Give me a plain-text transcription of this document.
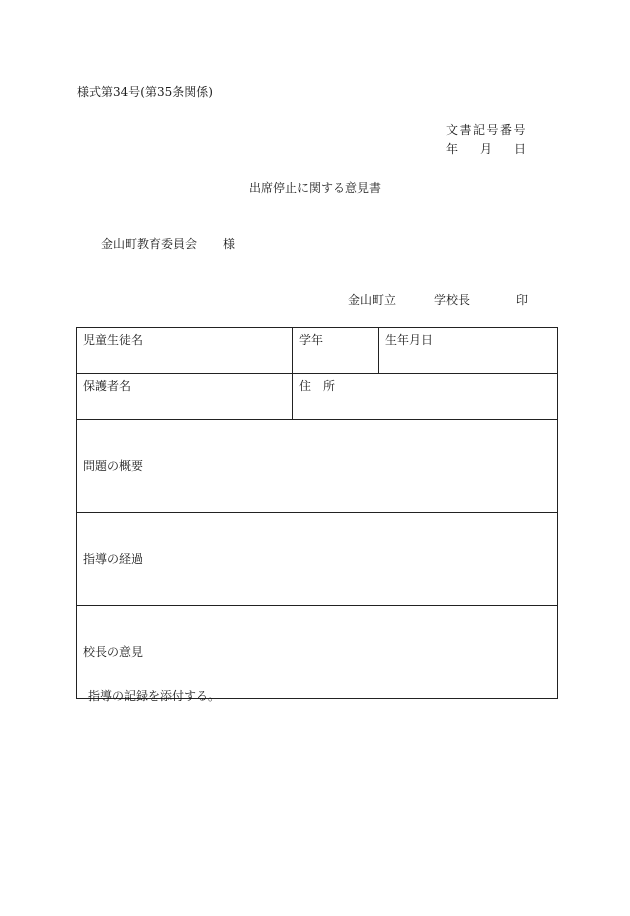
様式第34号(第35条関係)
文書記号番号
年 月 日
出席停止に関する意見書
金山町教育委員会 様
金山町立	学校長	印
児童生徒名	学年	生年月日
保護者名	住　所	
問題の概要		
指導の経過		
校長の意見		
指導の記録を添付する。
